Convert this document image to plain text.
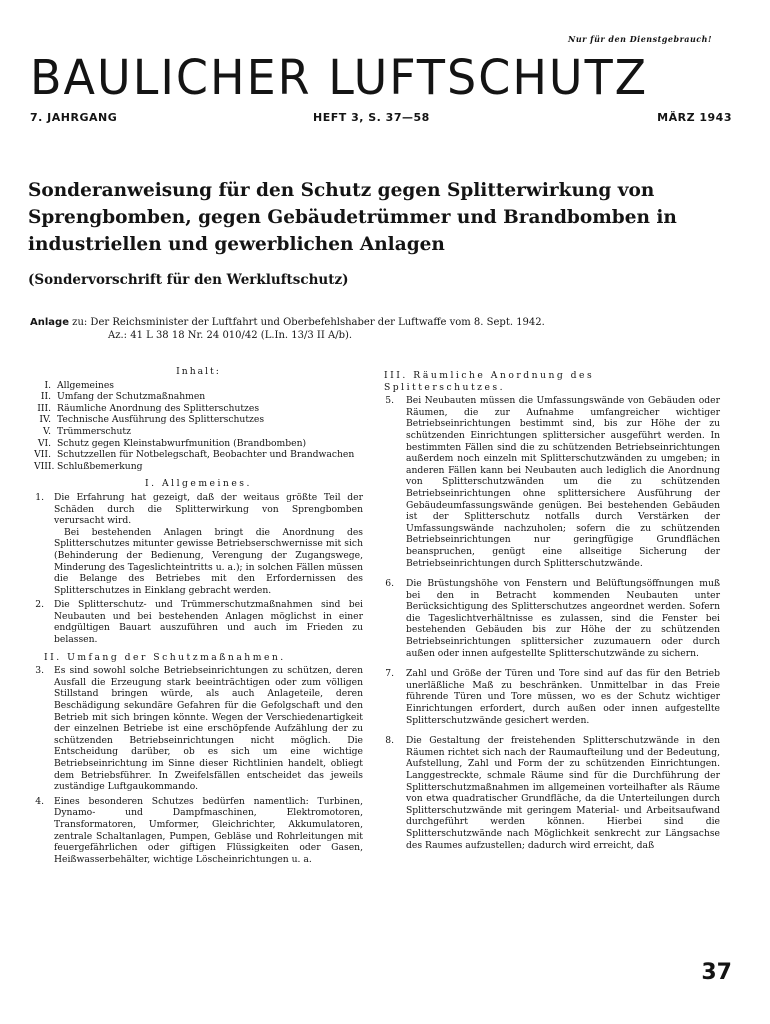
Nur für den Dienstgebrauch!
BAULICHER LUFTSCHUTZ
7. JAHRGANG	HEFT 3, S. 37—58	MÄRZ 1943
Sonderanweisung für den Schutz gegen Splitterwirkung von Sprengbomben, gegen Gebäudetrümmer und Brandbomben in industriellen und gewerblichen Anlagen
(Sondervorschrift für den Werkluftschutz)
Anlage zu: Der Reichsminister der Luftfahrt und Oberbefehlshaber der Luftwaffe vom 8. Sept. 1942.
Az.: 41 L 38 18 Nr. 24 010/42 (L.In. 13/3 II A/b).
Inhalt:
I. Allgemeines
II. Umfang der Schutzmaßnahmen
III. Räumliche Anordnung des Splitterschutzes
IV. Technische Ausführung des Splitterschutzes
V. Trümmerschutz
VI. Schutz gegen Kleinstabwurfmunition (Brandbomben)
VII. Schutzzellen für Notbelegschaft, Beobachter und Brandwachen
VIII. Schlußbemerkung
I. Allgemeines.
1. Die Erfahrung hat gezeigt, daß der weitaus größte Teil der Schäden durch die Splitterwirkung von Sprengbomben verursacht wird.
Bei bestehenden Anlagen bringt die Anordnung des Splitterschutzes mitunter gewisse Betriebserschwernisse mit sich (Behinderung der Bedienung, Verengung der Zugangswege, Minderung des Tageslichteintritts u. a.); in solchen Fällen müssen die Belange des Betriebes mit den Erfordernissen des Splitterschutzes in Einklang gebracht werden.
2. Die Splitterschutz- und Trümmerschutzmaßnahmen sind bei Neubauten und bei bestehenden Anlagen möglichst in einer endgültigen Bauart auszuführen und auch im Frieden zu belassen.
II. Umfang der Schutzmaßnahmen.
3. Es sind sowohl solche Betriebseinrichtungen zu schützen, deren Ausfall die Erzeugung stark beeinträchtigen oder zum völligen Stillstand bringen würde, als auch Anlageteile, deren Beschädigung sekundäre Gefahren für die Gefolgschaft und den Betrieb mit sich bringen könnte. Wegen der Verschiedenartigkeit der einzelnen Betriebe ist eine erschöpfende Aufzählung der zu schützenden Betriebseinrichtungen nicht möglich. Die Entscheidung darüber, ob es sich um eine wichtige Betriebseinrichtung im Sinne dieser Richtlinien handelt, obliegt dem Betriebsführer. In Zweifelsfällen entscheidet das jeweils zuständige Luftgaukommando.
4. Eines besonderen Schutzes bedürfen namentlich: Turbinen, Dynamo- und Dampfmaschinen, Elektromotoren, Transformatoren, Umformer, Gleichrichter, Akkumulatoren, zentrale Schaltanlagen, Pumpen, Gebläse und Rohrleitungen mit feuergefährlichen oder giftigen Flüssigkeiten oder Gasen, Heißwasserbehälter, wichtige Löscheinrichtungen u. a.
III. Räumliche Anordnung des Splitterschutzes.
5. Bei Neubauten müssen die Umfassungswände von Gebäuden oder Räumen, die zur Aufnahme umfangreicher wichtiger Betriebseinrichtungen bestimmt sind, bis zur Höhe der zu schützenden Einrichtungen splittersicher ausgeführt werden. In bestimmten Fällen sind die zu schützenden Betriebseinrichtungen außerdem noch einzeln mit Splitterschutzwänden zu umgeben; in anderen Fällen kann bei Neubauten auch lediglich die Anordnung von Splitterschutzwänden um die zu schützenden Betriebseinrichtungen ohne splittersichere Ausführung der Gebäudeumfassungswände genügen. Bei bestehenden Gebäuden ist der Splitterschutz notfalls durch Verstärken der Umfassungswände nachzuholen; sofern die zu schützenden Betriebseinrichtungen nur geringfügige Grundflächen beanspruchen, genügt eine allseitige Sicherung der Betriebseinrichtungen durch Splitterschutzwände.
6. Die Brüstungshöhe von Fenstern und Belüftungsöffnungen muß bei den in Betracht kommenden Neubauten unter Berücksichtigung des Splitterschutzes angeordnet werden. Sofern die Tageslichtverhältnisse es zulassen, sind die Fenster bei bestehenden Gebäuden bis zur Höhe der zu schützenden Betriebseinrichtungen splittersicher zuzumauern oder durch außen oder innen aufgestellte Splitterschutzwände zu sichern.
7. Zahl und Größe der Türen und Tore sind auf das für den Betrieb unerläßliche Maß zu beschränken. Unmittelbar in das Freie führende Türen und Tore müssen, wo es der Schutz wichtiger Einrichtungen erfordert, durch außen oder innen aufgestellte Splitterschutzwände gesichert werden.
8. Die Gestaltung der freistehenden Splitterschutzwände in den Räumen richtet sich nach der Raumaufteilung und der Bedeutung, Aufstellung, Zahl und Form der zu schützenden Einrichtungen. Langgestreckte, schmale Räume sind für die Durchführung der Splitterschutzmaßnahmen im allgemeinen vorteilhafter als Räume von etwa quadratischer Grundfläche, da die Unterteilungen durch Splitterschutzwände mit geringem Material- und Arbeitsaufwand durchgeführt werden können. Hierbei sind die Splitterschutzwände nach Möglichkeit senkrecht zur Längsachse des Raumes aufzustellen; dadurch wird erreicht, daß
37
